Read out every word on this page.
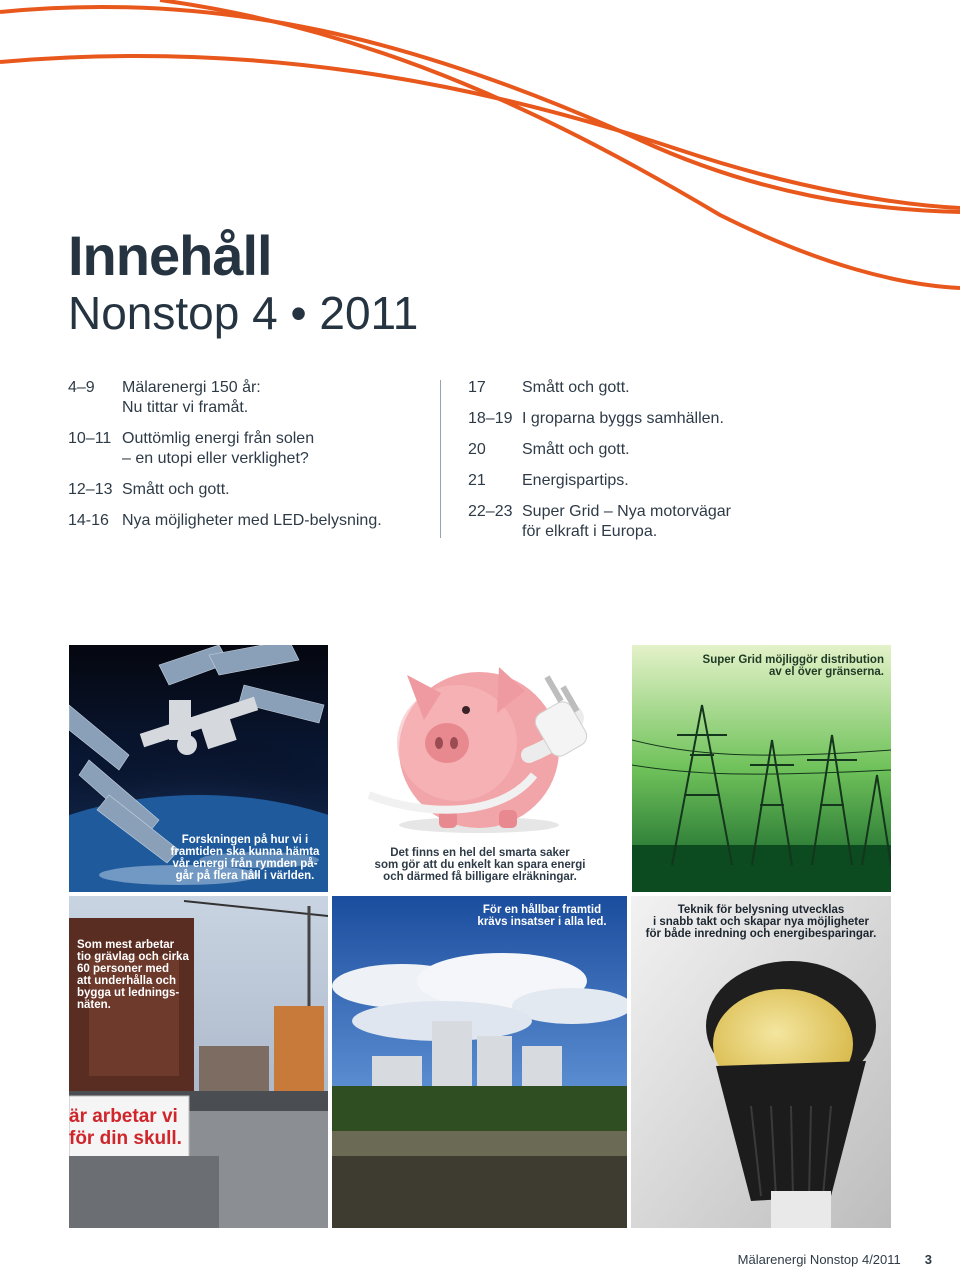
Innehåll
Nonstop 4 • 2011
4–9 Mälarenergi 150 år:
Nu tittar vi framåt.
10–11 Outtömlig energi från solen
– en utopi eller verklighet?
12–13 Smått och gott.
14-16 Nya möjligheter med LED-belysning.
17 Smått och gott.
18–19 I groparna byggs samhällen.
20 Smått och gott.
21 Energispartips.
22–23 Super Grid – Nya motorvägar
för elkraft i Europa.

Forskningen på hur vi i
framtiden ska kunna hämta
vår energi från rymden på-
går på flera håll i världen.

Det finns en hel del smarta saker
som gör att du enkelt kan spara energi
och därmed få billigare elräkningar.

Super Grid möjliggör distribution
av el över gränserna.

är arbetar vi
för din skull.

Som mest arbetar
tio grävlag och cirka
60 personer med
att underhålla och
bygga ut lednings-
näten.

För en hållbar framtid
krävs insatser i alla led.

Teknik för belysning utvecklas
i snabb takt och skapar nya möjligheter
för både inredning och energibesparingar.

Mälarenergi Nonstop 4/2011 3
